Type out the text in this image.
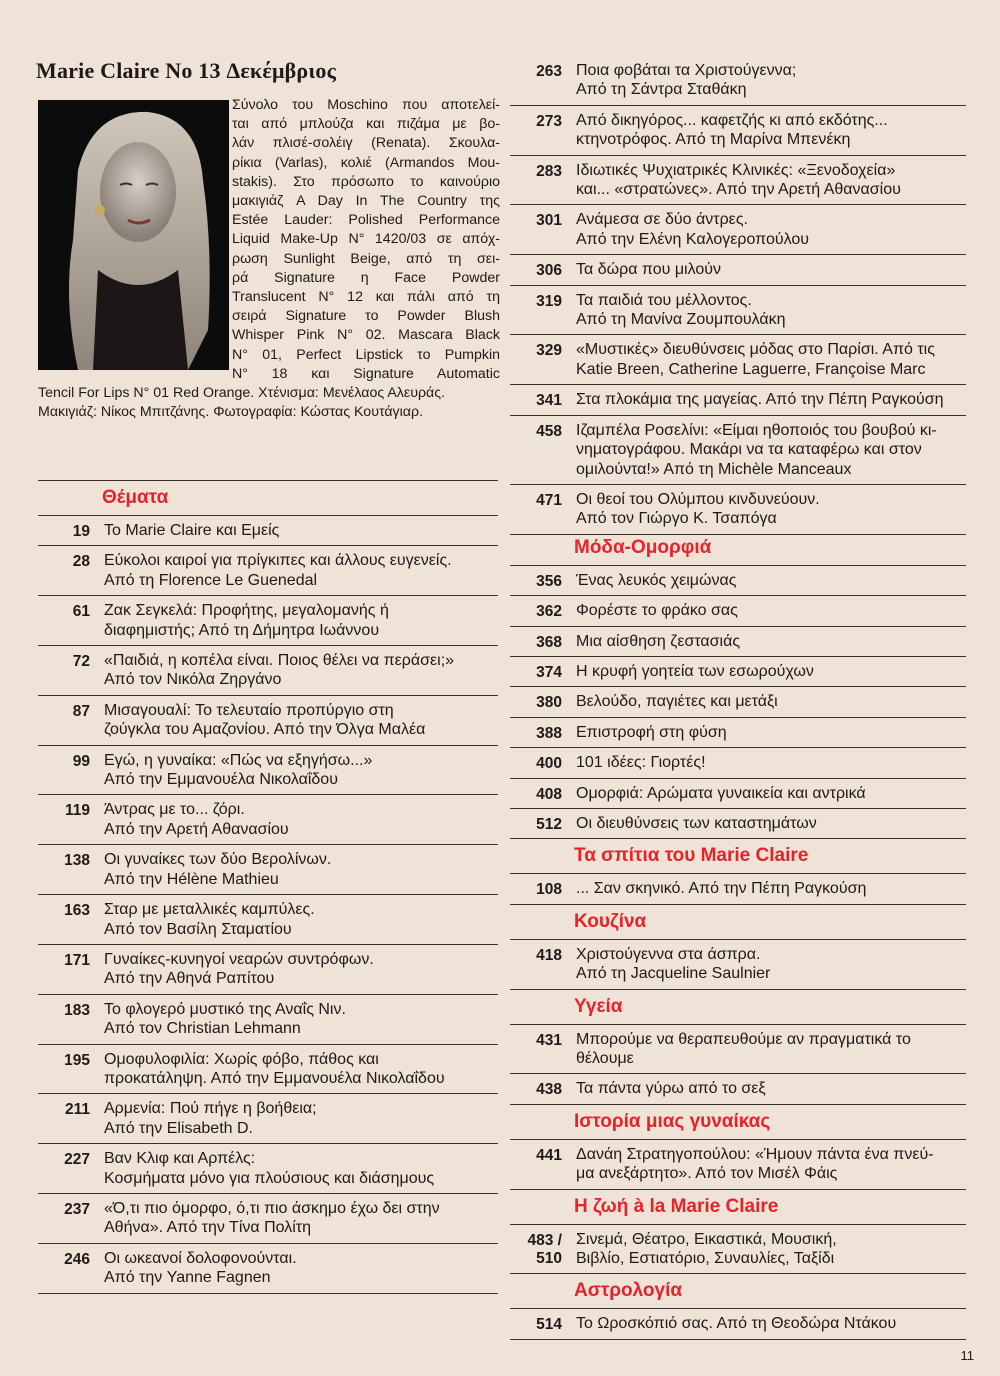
Marie Claire No 13 Δεκέμβριος
Σύνολο του Moschino που αποτελεί-
ται από μπλούζα και πιζάμα με βο-
λάν πλισέ-σολέιγ (Renata). Σκουλα-
ρίκια (Varlas), κολιέ (Armandos Mou-
stakis). Στο πρόσωπο το καινούριο
μακιγιάζ A Day In The Country της
Estée Lauder: Polished Performance
Liquid Make-Up N° 1420/03 σε απόχ-
ρωση Sunlight Beige, από τη σει-
ρά Signature η Face Powder
Translucent N° 12 και πάλι από τη
σειρά Signature το Powder Blush
Whisper Pink N° 02. Mascara Black
N° 01, Perfect Lipstick το Pumpkin
N° 18 και Signature Automatic
Tencil For Lips N° 01 Red Orange. Χτένισμα: Μενέλαος Αλευράς.
Μακιγιάζ: Νίκος Μπιτζάνης. Φωτογραφία: Κώστας Κουτάγιαρ.
Θέματα
19 Το Marie Claire και Εμείς
28 Εύκολοι καιροί για πρίγκιπες και άλλους ευγενείς.
Από τη Florence Le Guenedal
61 Ζακ Σεγκελά: Προφήτης, μεγαλομανής ή
διαφημιστής; Από τη Δήμητρα Ιωάννου
72 «Παιδιά, η κοπέλα είναι. Ποιος θέλει να περάσει;»
Από τον Νικόλα Ζηργάνο
87 Μισαγουαλί: Το τελευταίο προπύργιο στη
ζούγκλα του Αμαζονίου. Από την Όλγα Μαλέα
99 Εγώ, η γυναίκα: «Πώς να εξηγήσω...»
Από την Εμμανουέλα Νικολαΐδου
119 Άντρας με το... ζόρι.
Από την Αρετή Αθανασίου
138 Οι γυναίκες των δύο Βερολίνων.
Από την Hélène Mathieu
163 Σταρ με μεταλλικές καμπύλες.
Από τον Βασίλη Σταματίου
171 Γυναίκες-κυνηγοί νεαρών συντρόφων.
Από την Αθηνά Ραπίτου
183 Το φλογερό μυστικό της Αναΐς Νιν.
Από τον Christian Lehmann
195 Ομοφυλοφιλία: Χωρίς φόβο, πάθος και
προκατάληψη. Από την Εμμανουέλα Νικολαΐδου
211 Αρμενία: Πού πήγε η βοήθεια;
Από την Elisabeth D.
227 Βαν Κλιφ και Αρπέλς:
Κοσμήματα μόνο για πλούσιους και διάσημους
237 «Ό,τι πιο όμορφο, ό,τι πιο άσκημο έχω δει στην
Αθήνα». Από την Τίνα Πολίτη
246 Οι ωκεανοί δολοφονούνται.
Από την Yanne Fagnen
263 Ποια φοβάται τα Χριστούγεννα;
Από τη Σάντρα Σταθάκη
273 Από δικηγόρος... καφετζής κι από εκδότης...
κτηνοτρόφος. Από τη Μαρίνα Μπενέκη
283 Ιδιωτικές Ψυχιατρικές Κλινικές: «Ξενοδοχεία»
και... «στρατώνες». Από την Αρετή Αθανασίου
301 Ανάμεσα σε δύο άντρες.
Από την Ελένη Καλογεροπούλου
306 Τα δώρα που μιλούν
319 Τα παιδιά του μέλλοντος.
Από τη Μανίνα Ζουμπουλάκη
329 «Μυστικές» διευθύνσεις μόδας στο Παρίσι. Από τις
Katie Breen, Catherine Laguerre, Françoise Marc
341 Στα πλοκάμια της μαγείας. Από την Πέπη Ραγκούση
458 Ιζαμπέλα Ροσελίνι: «Είμαι ηθοποιός του βουβού κι-
νηματογράφου. Μακάρι να τα καταφέρω και στον
ομιλούντα!» Από τη Michèle Manceaux
471 Οι θεοί του Ολύμπου κινδυνεύουν.
Από τον Γιώργο Κ. Τσαπόγα
Μόδα-Ομορφιά
356 Ένας λευκός χειμώνας
362 Φορέστε το φράκο σας
368 Μια αίσθηση ζεστασιάς
374 Η κρυφή γοητεία των εσωρούχων
380 Βελούδο, παγιέτες και μετάξι
388 Επιστροφή στη φύση
400 101 ιδέες: Γιορτές!
408 Ομορφιά: Αρώματα γυναικεία και αντρικά
512 Οι διευθύνσεις των καταστημάτων
Τα σπίτια του Marie Claire
108 ... Σαν σκηνικό. Από την Πέπη Ραγκούση
Κουζίνα
418 Χριστούγεννα στα άσπρα.
Από τη Jacqueline Saulnier
Υγεία
431 Μπορούμε να θεραπευθούμε αν πραγματικά το
θέλουμε
438 Τα πάντα γύρω από το σεξ
Ιστορία μιας γυναίκας
441 Δανάη Στρατηγοπούλου: «Ήμουν πάντα ένα πνεύ-
μα ανεξάρτητο». Από τον Μισέλ Φάις
Η ζωή à la Marie Claire
483 / 510
Σινεμά, Θέατρο, Εικαστικά, Μουσική,
Βιβλίο, Εστιατόριο, Συναυλίες, Ταξίδι
Αστρολογία
514 Το Ωροσκόπιό σας. Από τη Θεοδώρα Ντάκου
11
